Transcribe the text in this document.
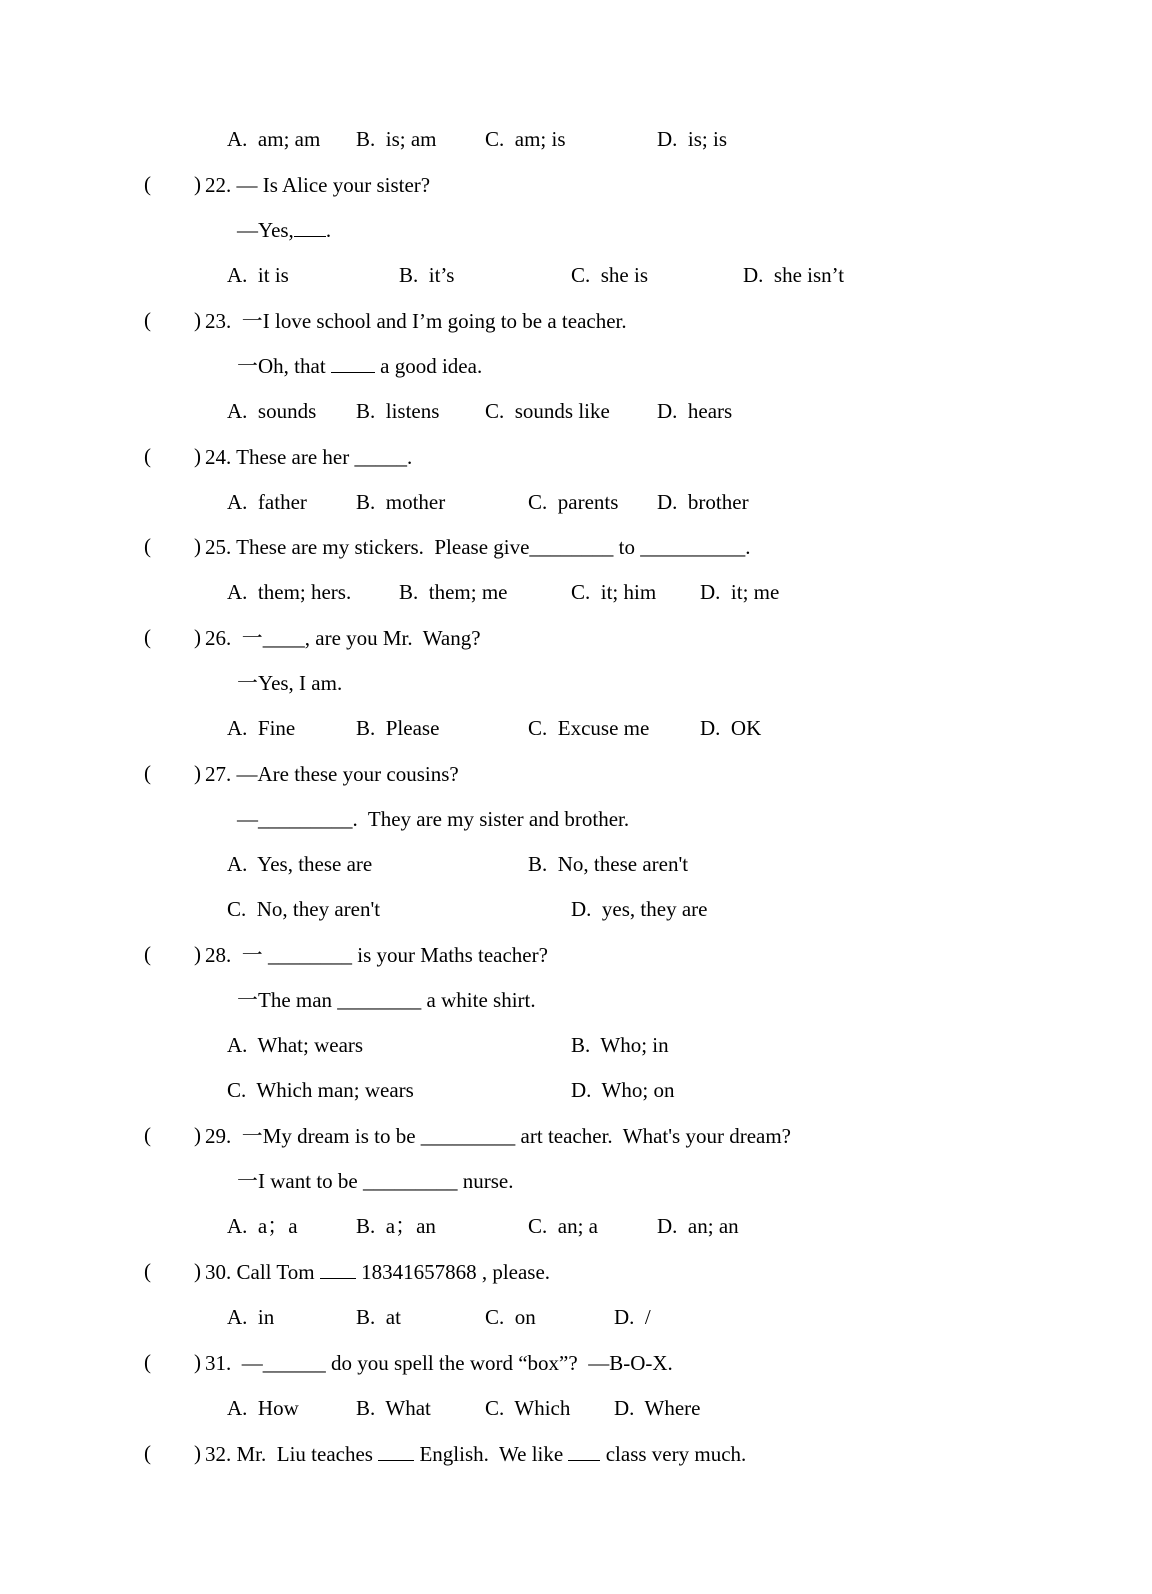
A.  am; am B.  is; am C.  am; is	D.  is; is
( ) 22. — Is Alice your sister?
—Yes, .
A.  it is	B.  it’s	C.  she is	D.  she isn’t
( ) 23.  一I love school and I’m going to be a teacher.
一Oh, that  a good idea.
A.  sounds B.  listens C.  sounds like D.  hears
( ) 24. These are her _____.
A.  father B.  mother	C.  parents D.  brother
( ) 25. These are my stickers.  Please give________ to __________.
A.  them; hers. B.  them; me	C.  it; him D.  it; me
( ) 26.  一____, are you Mr.  Wang?
一Yes, I am.
A.  Fine	B.  Please	C.  Excuse me D.  OK
( ) 27. —Are these your cousins?
—_________.  They are my sister and brother.
A.  Yes, these are	B.  No, these aren't
C.  No, they aren't	D.  yes, they are
( ) 28.  一 ________ is your Maths teacher?
一The man ________ a white shirt.
A.  What; wears	B.  Who; in
C.  Which man; wears	D.  Who; on
( ) 29.  一My dream is to be _________ art teacher.  What's your dream?
一I want to be _________ nurse.
A.  a；a	B.  a；an	C.  an; a	D.  an; an
( ) 30. Call Tom  18341657868 , please.
A.  in	B.  at	C.  on	D.  /
( ) 31.  —______ do you spell the word “box”?  —B-O-X.
A.  How	B.  What	C.  Which D.  Where
( ) 32. Mr.  Liu teaches  English.  We like  class very much.
